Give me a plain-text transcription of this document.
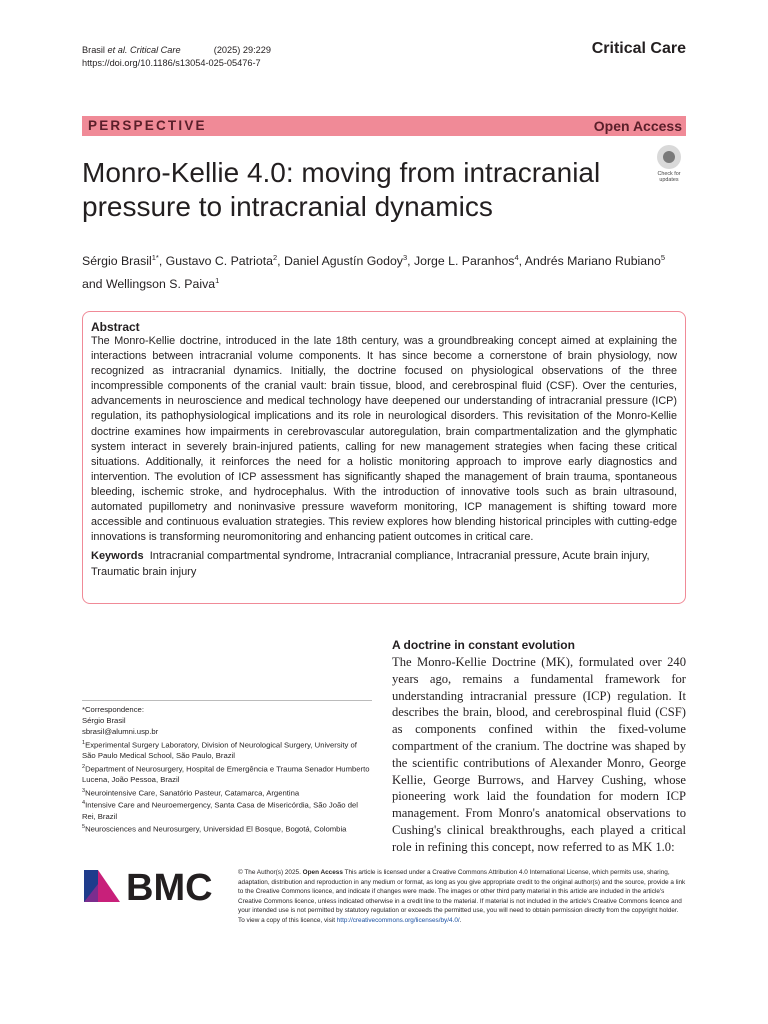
Brasil et al. Critical Care	(2025) 29:229
https://doi.org/10.1186/s13054-025-05476-7
Critical Care
PERSPECTIVE	Open Access
Monro-Kellie 4.0: moving from intracranial pressure to intracranial dynamics
Check for
updates
Sérgio Brasil$^{1*}$, Gustavo C. Patriota$^2$, Daniel Agustín Godoy$^3$, Jorge L. Paranhos$^4$, Andrés Mariano Rubiano$^5$ and Wellingson S. Paiva$^1$
Abstract
The Monro-Kellie doctrine, introduced in the late 18th century, was a groundbreaking concept aimed at explaining the interactions between intracranial volume components. It has since become a cornerstone of brain physiology, now recognized as intracranial dynamics. Initially, the doctrine focused on physiological observations of the three incompressible components of the cranial vault: brain tissue, blood, and cerebrospinal fluid (CSF). Over the centuries, advancements in neuroscience and medical technology have deepened our understanding of intracranial pressure (ICP) regulation, its pathophysiological implications and its role in neurological disorders. This revisitation of the Monro-Kellie doctrine examines how impairments in cerebrovascular autoregulation, brain compartmentalization and the glymphatic system interact in severely brain-injured patients, calling for new management strategies when facing these critical situations. Additionally, it reinforces the need for a holistic monitoring approach to improve early diagnostics and intervention. The evolution of ICP assessment has significantly shaped the management of brain trauma, spontaneous bleeding, ischemic stroke, and hydrocephalus. With the introduction of innovative tools such as brain ultrasound, automated pupillometry and noninvasive pressure waveform monitoring, ICP management is shifting toward more accessible and continuous evaluation strategies. This review explores how blending historical principles with cutting-edge innovations is transforming neuromonitoring and enhancing patient outcomes in critical care.
Keywords Intracranial compartmental syndrome, Intracranial compliance, Intracranial pressure, Acute brain injury, Traumatic brain injury
*Correspondence:
Sérgio Brasil
sbrasil@alumni.usp.br
$^1$Experimental Surgery Laboratory, Division of Neurological Surgery, University of São Paulo Medical School, São Paulo, Brazil
$^2$Department of Neurosurgery, Hospital de Emergência e Trauma Senador Humberto Lucena, João Pessoa, Brazil
$^3$Neurointensive Care, Sanatório Pasteur, Catamarca, Argentina
$^4$Intensive Care and Neuroemergency, Santa Casa de Misericórdia, São João del Rei, Brazil
$^5$Neurosciences and Neurosurgery, Universidad El Bosque, Bogotá, Colombia
A doctrine in constant evolution
The Monro-Kellie Doctrine (MK), formulated over 240 years ago, remains a fundamental framework for understanding intracranial pressure (ICP) regulation. It describes the brain, blood, and cerebrospinal fluid (CSF) as components confined within the fixed-volume compartment of the cranium. The doctrine was shaped by the scientific contributions of Alexander Monro, George Kellie, George Burrows, and Harvey Cushing, whose pioneering work laid the foundation for modern ICP management. From Monro's anatomical observations to Cushing's clinical breakthroughs, each played a critical role in refining this concept, now referred to as MK 1.0:
BMC	© The Author(s) 2025. Open Access This article is licensed under a Creative Commons Attribution 4.0 International License, which permits use, sharing, adaptation, distribution and reproduction in any medium or format, as long as you give appropriate credit to the original author(s) and the source, provide a link to the Creative Commons licence, and indicate if changes were made. The images or other third party material in this article are included in the article's Creative Commons licence, unless indicated otherwise in a credit line to the material. If material is not included in the article's Creative Commons licence and your intended use is not permitted by statutory regulation or exceeds the permitted use, you will need to obtain permission directly from the copyright holder. To view a copy of this licence, visit http://creativecommons.org/licenses/by/4.0/.
